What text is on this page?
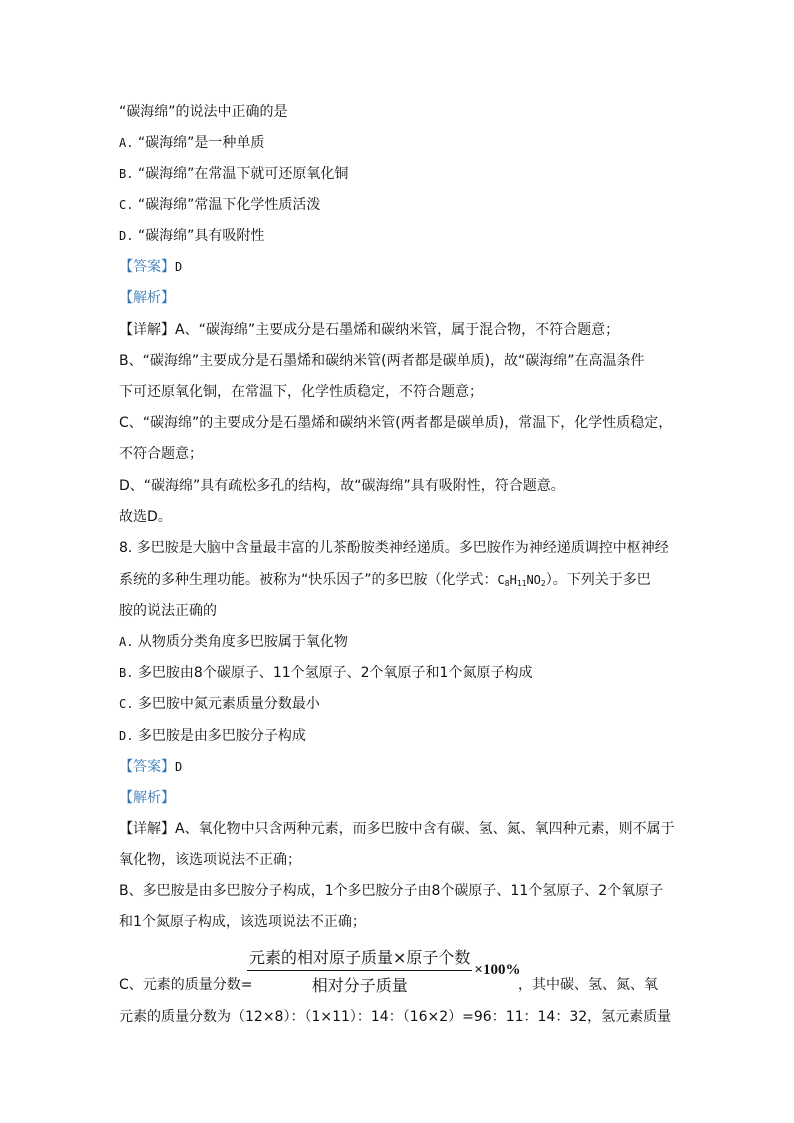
“碳海绵”的说法中正确的是
A. “碳海绵”是一种单质
B. “碳海绵”在常温下就可还原氧化铜
C. “碳海绵”常温下化学性质活泼
D. “碳海绵”具有吸附性
【答案】D
【解析】
【详解】A、“碳海绵”主要成分是石墨烯和碳纳米管，属于混合物，不符合题意；
B、“碳海绵”主要成分是石墨烯和碳纳米管(两者都是碳单质)，故“碳海绵”在高温条件
下可还原氧化铜，在常温下，化学性质稳定，不符合题意；
C、“碳海绵”的主要成分是石墨烯和碳纳米管(两者都是碳单质)，常温下，化学性质稳定，
不符合题意；
D、“碳海绵”具有疏松多孔的结构，故“碳海绵”具有吸附性，符合题意。
故选D。
8. 多巴胺是大脑中含量最丰富的儿茶酚胺类神经递质。多巴胺作为神经递质调控中枢神经
系统的多种生理功能。被称为“快乐因子”的多巴胺（化学式：$C_8H_{11}NO_2$）。下列关于多巴
胺的说法正确的
A. 从物质分类角度多巴胺属于氧化物
B. 多巴胺由8个碳原子、11个氢原子、2个氧原子和1个氮原子构成
C. 多巴胺中氮元素质量分数最小
D. 多巴胺是由多巴胺分子构成
【答案】D
【解析】
【详解】A、氧化物中只含两种元素，而多巴胺中含有碳、氢、氮、氧四种元素，则不属于
氧化物，该选项说法不正确；
B、多巴胺是由多巴胺分子构成，1个多巴胺分子由8个碳原子、11个氢原子、2个氧原子
和1个氮原子构成，该选项说法不正确；
C、元素的质量分数=
$\frac{\text{元素的相对原子质量×原子个数}}{\text{相对分子质量}} \times 100\%$
，其中碳、氢、氮、氧
元素的质量分数为（12×8）：（1×11）：14：（16×2）=96：11：14：32，氢元素质量
